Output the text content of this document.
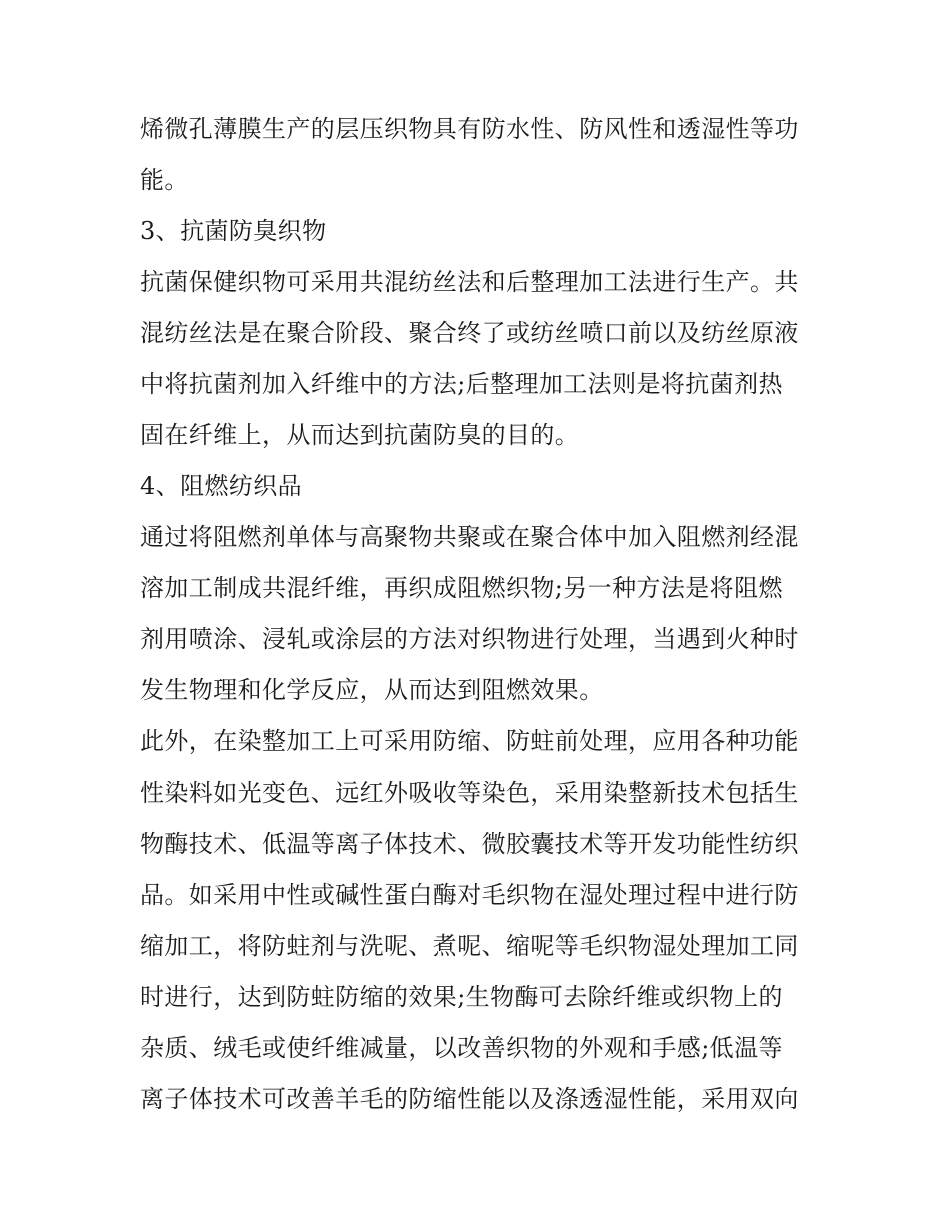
烯微孔薄膜生产的层压织物具有防水性、防风性和透湿性等功
能。
3、抗菌防臭织物
抗菌保健织物可采用共混纺丝法和后整理加工法进行生产。共
混纺丝法是在聚合阶段、聚合终了或纺丝喷口前以及纺丝原液
中将抗菌剂加入纤维中的方法;后整理加工法则是将抗菌剂热
固在纤维上，从而达到抗菌防臭的目的。
4、阻燃纺织品
通过将阻燃剂单体与高聚物共聚或在聚合体中加入阻燃剂经混
溶加工制成共混纤维，再织成阻燃织物;另一种方法是将阻燃
剂用喷涂、浸轧或涂层的方法对织物进行处理，当遇到火种时
发生物理和化学反应，从而达到阻燃效果。
此外，在染整加工上可采用防缩、防蛀前处理，应用各种功能
性染料如光变色、远红外吸收等染色，采用染整新技术包括生
物酶技术、低温等离子体技术、微胶囊技术等开发功能性纺织
品。如采用中性或碱性蛋白酶对毛织物在湿处理过程中进行防
缩加工，将防蛀剂与洗呢、煮呢、缩呢等毛织物湿处理加工同
时进行，达到防蛀防缩的效果;生物酶可去除纤维或织物上的
杂质、绒毛或使纤维减量，以改善织物的外观和手感;低温等
离子体技术可改善羊毛的防缩性能以及涤透湿性能，采用双向
